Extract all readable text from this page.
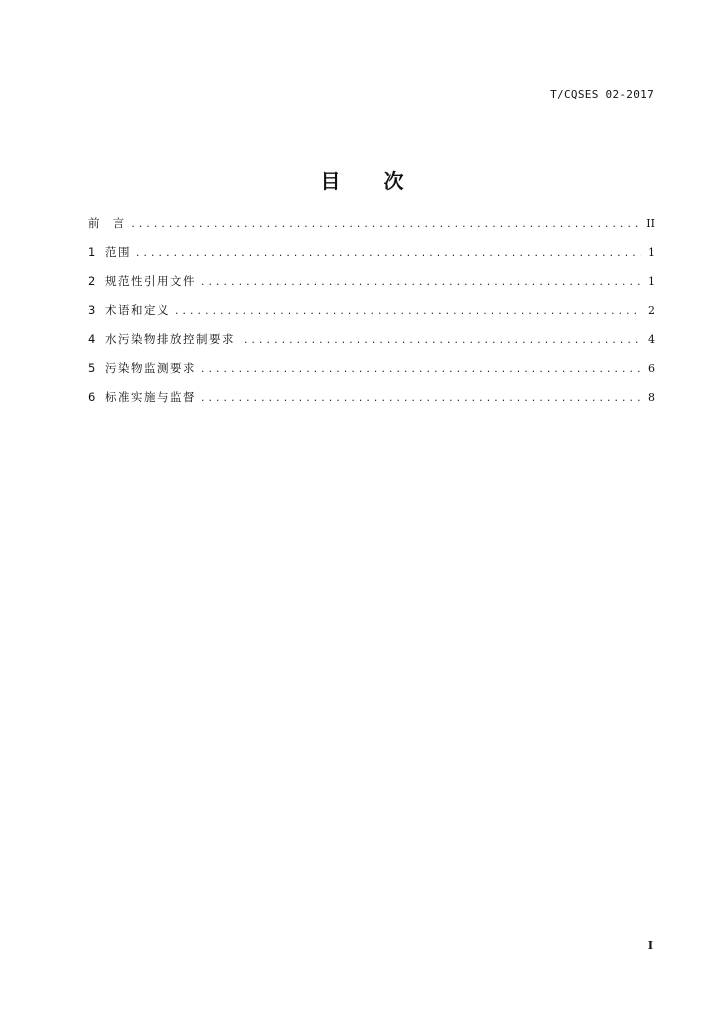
T/CQSES 02-2017
目 次
前  言 .....	II
1 范围 .....	1
2 规范性引用文件 .....	1
3 术语和定义 .....	2
4 水污染物排放控制要求 .....	4
5 污染物监测要求 .....	6
6 标准实施与监督 .....	8
I
